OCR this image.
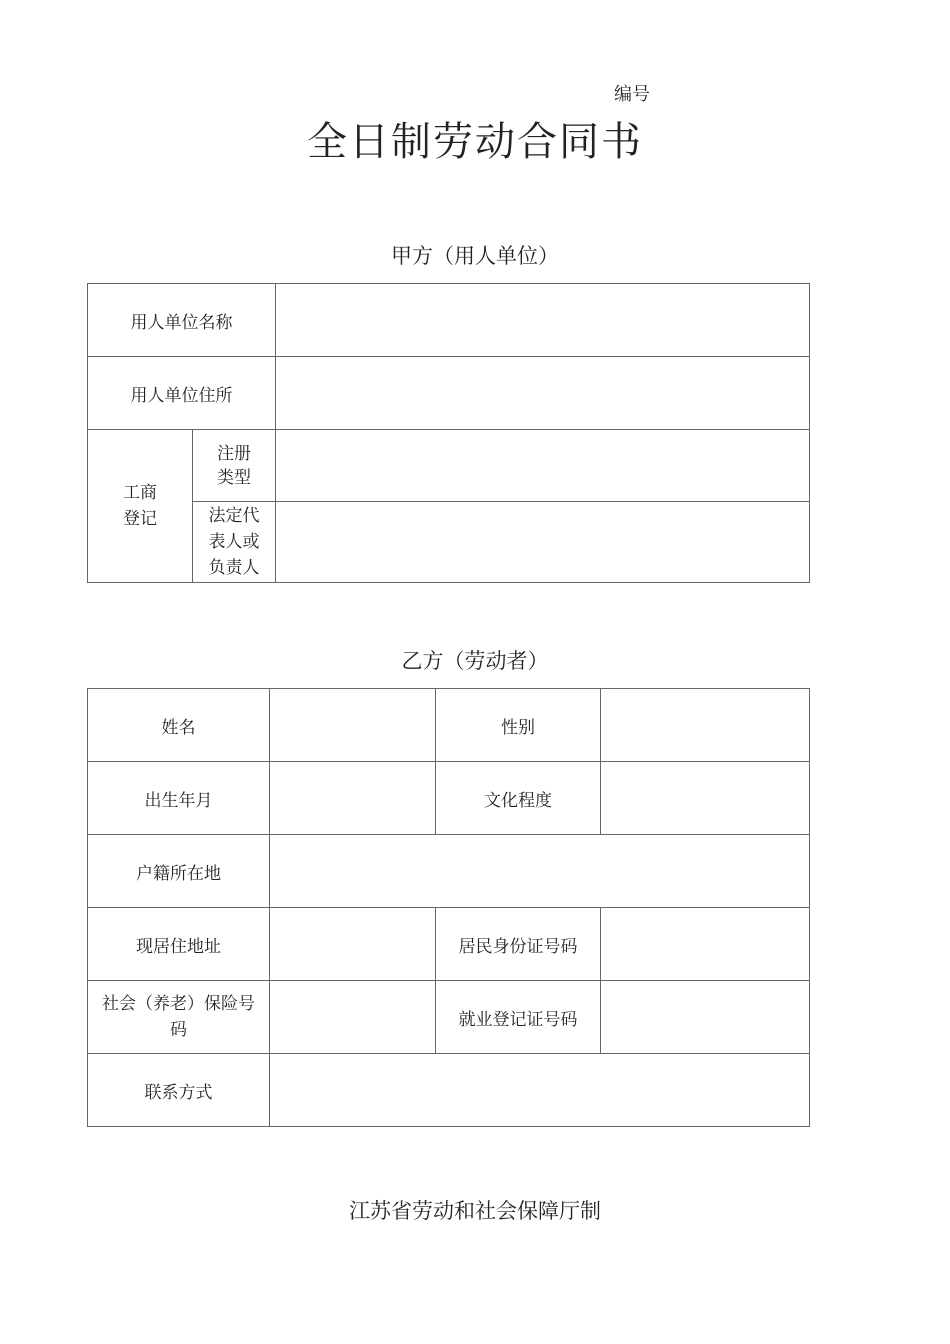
编号
全日制劳动合同书
甲方（用人单位）
用人单位名称		
用人单位住所		

工商登记	注册类型	

	法定代表人或负责人	

乙方（劳动者）
姓名		性别	
出生年月		文化程度	
户籍所在地			
现居住地址		居民身份证号码	

社会（养老）保险号码		就业登记证号码	
联系方式			
江苏省劳动和社会保障厅制
